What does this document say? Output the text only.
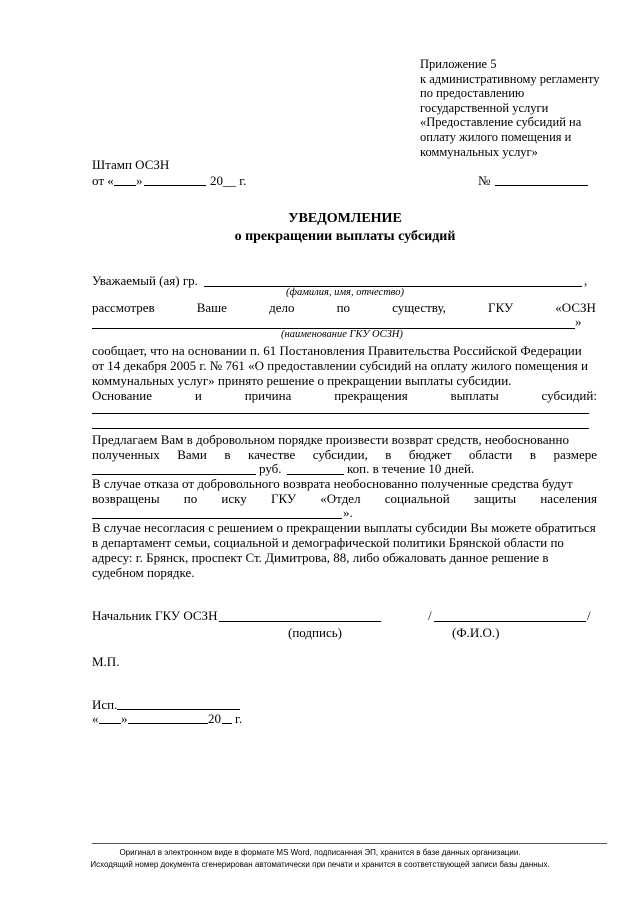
Приложение 5
к административному регламенту
по предоставлению
государственной услуги
«Предоставление субсидий на
оплату жилого помещения и
коммунальных услуг»
Штамп ОСЗН
от « »	20__ г.	№
УВЕДОМЛЕНИЕ
о прекращении выплаты субсидий
Уважаемый (ая) гр.	,
(фамилия, имя, отчество)
рассмотрев	Ваше	дело	по	существу,	ГКУ	«ОСЗН
»
(наименование ГКУ ОСЗН)
сообщает, что на основании п. 61 Постановления Правительства Российской Федерации
от 14 декабря 2005 г. № 761 «О предоставлении субсидий на оплату жилого помещения и
коммунальных услуг» принято решение о прекращении выплаты субсидии.
Основание	и	причина	прекращения	выплаты	субсидий:
Предлагаем Вам в добровольном порядке произвести возврат средств, необоснованно
полученных Вами в качестве субсидии, в бюджет области в размере
руб.	коп. в течение 10 дней.
В случае отказа от добровольного возврата необоснованно полученные средства будут
возвращены по иску ГКУ «Отдел социальной защиты населения
».
В случае несогласия с решением о прекращении выплаты субсидии Вы можете обратиться
в департамент семьи, социальной и демографической политики Брянской области по
адресу: г. Брянск, проспект Ст. Димитрова, 88, либо обжаловать данное решение в
судебном порядке.
Начальник ГКУ ОСЗН	/	/
(подпись)	(Ф.И.О.)
М.П.
Исп.
« »	20 г.
Оригинал в электронном виде в формате MS Word, подписанная ЭП, хранится в базе данных организации.
Исходящий номер документа сгенерирован автоматически при печати и хранится в соответствующей записи базы данных.
